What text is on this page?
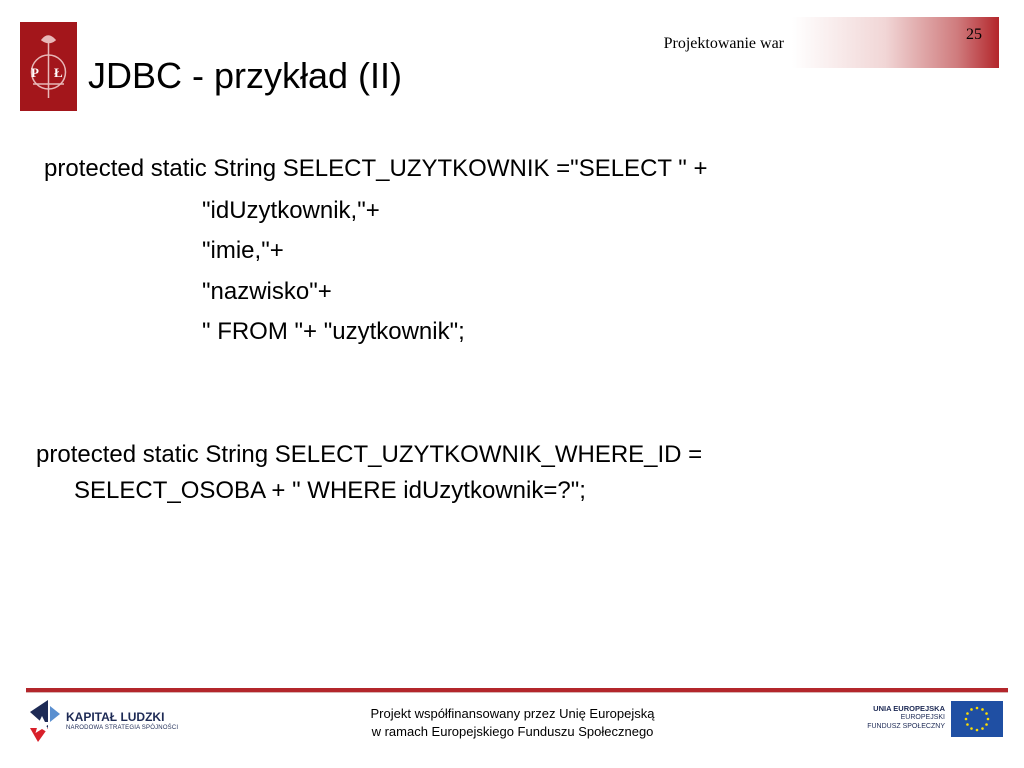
P Ł JDBC - przykład (II)
Projektowanie war
25
protected static String SELECT_UZYTKOWNIK ="SELECT " +
"idUzytkownik,"+
"imie,"+
"nazwisko"+
" FROM "+ "uzytkownik";
protected static String SELECT_UZYTKOWNIK_WHERE_ID =
SELECT_OSOBA + " WHERE idUzytkownik=?";
KAPITAŁ LUDZKI
NARODOWA STRATEGIA SPÓJNOŚCI
Projekt współfinansowany przez Unię Europejską
w ramach Europejskiego Funduszu Społecznego
UNIA EUROPEJSKA
EUROPEJSKI
FUNDUSZ SPOŁECZNY
